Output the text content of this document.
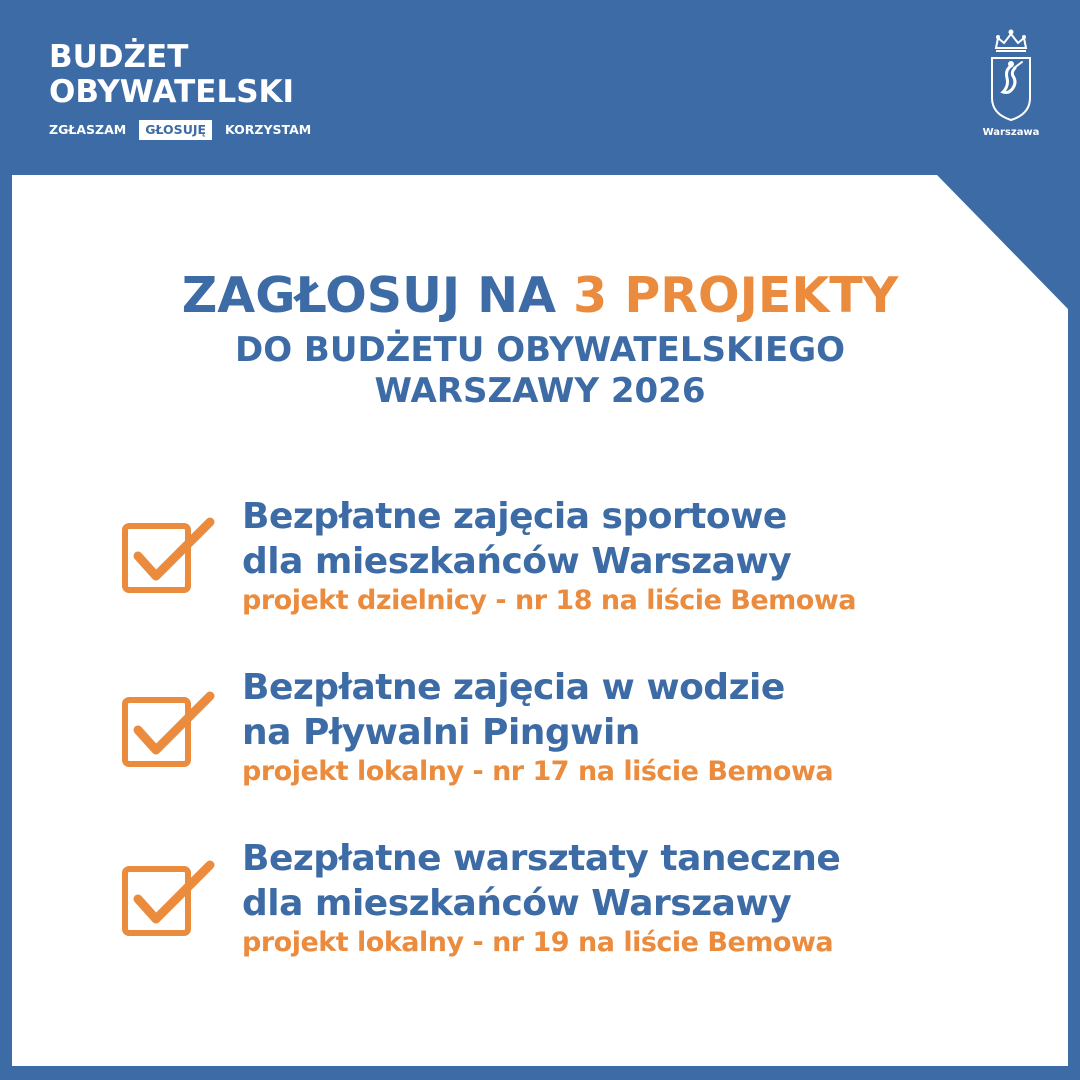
BUDŻET
OBYWATELSKI
ZGŁASZAM	GŁOSUJĘ	KORZYSTAM	Warszawa
ZAGŁOSUJ NA 3 PROJEKTY
DO BUDŻETU OBYWATELSKIEGO
WARSZAWY 2026
Bezpłatne zajęcia sportowe
dla mieszkańców Warszawy
projekt dzielnicy - nr 18 na liście Bemowa
Bezpłatne zajęcia w wodzie
na Pływalni Pingwin
projekt lokalny - nr 17 na liście Bemowa
Bezpłatne warsztaty taneczne
dla mieszkańców Warszawy
projekt lokalny - nr 19 na liście Bemowa
